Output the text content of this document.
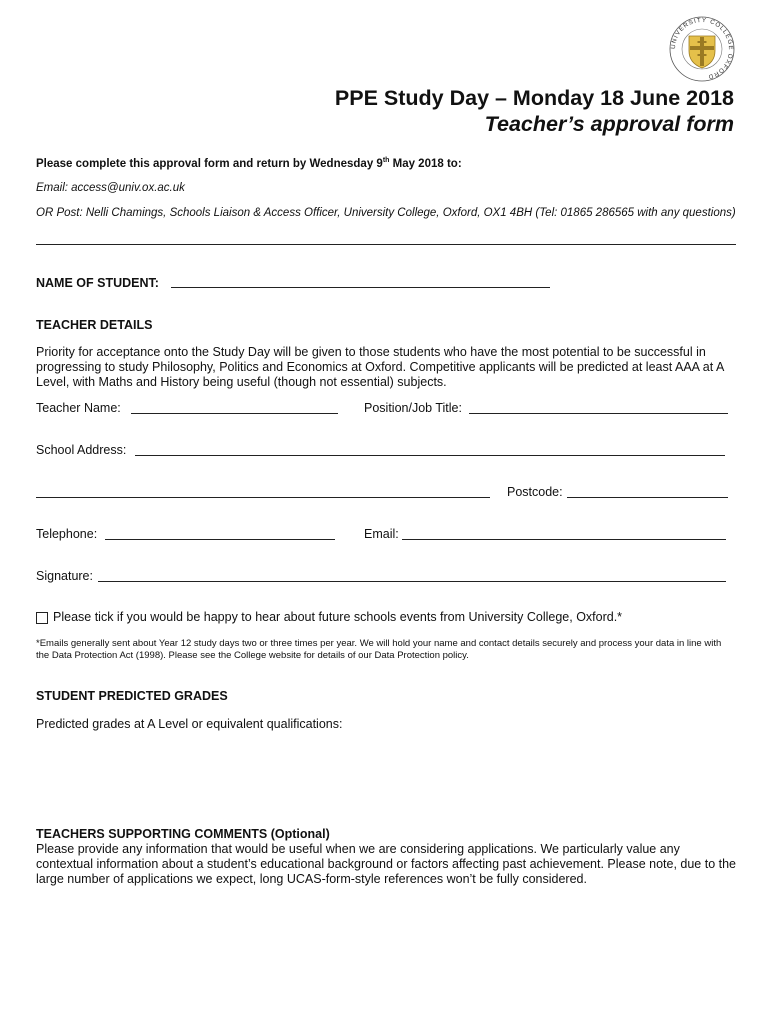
UNIVERSITY COLLEGE OXFORD
PPE Study Day – Monday 18 June 2018
Teacher’s approval form
Please complete this approval form and return by Wednesday 9th May 2018 to:
Email: access@univ.ox.ac.uk
OR Post: Nelli Chamings, Schools Liaison & Access Officer, University College, Oxford, OX1 4BH (Tel: 01865 286565 with any questions)
NAME OF STUDENT:
TEACHER DETAILS
Priority for acceptance onto the Study Day will be given to those students who have the most potential to be successful in progressing to study Philosophy, Politics and Economics at Oxford. Competitive applicants will be predicted at least AAA at A Level, with Maths and History being useful (though not essential) subjects.
Teacher Name:	Position/Job Title:
School Address:
Postcode:
Telephone:	Email:
Signature:
Please tick if you would be happy to hear about future schools events from University College, Oxford.*
*Emails generally sent about Year 12 study days two or three times per year. We will hold your name and contact details securely and process your data in line with the Data Protection Act (1998). Please see the College website for details of our Data Protection policy.
STUDENT PREDICTED GRADES
Predicted grades at A Level or equivalent qualifications:
TEACHERS SUPPORTING COMMENTS (Optional)
Please provide any information that would be useful when we are considering applications. We particularly value any contextual information about a student’s educational background or factors affecting past achievement. Please note, due to the large number of applications we expect, long UCAS-form-style references won’t be fully considered.
